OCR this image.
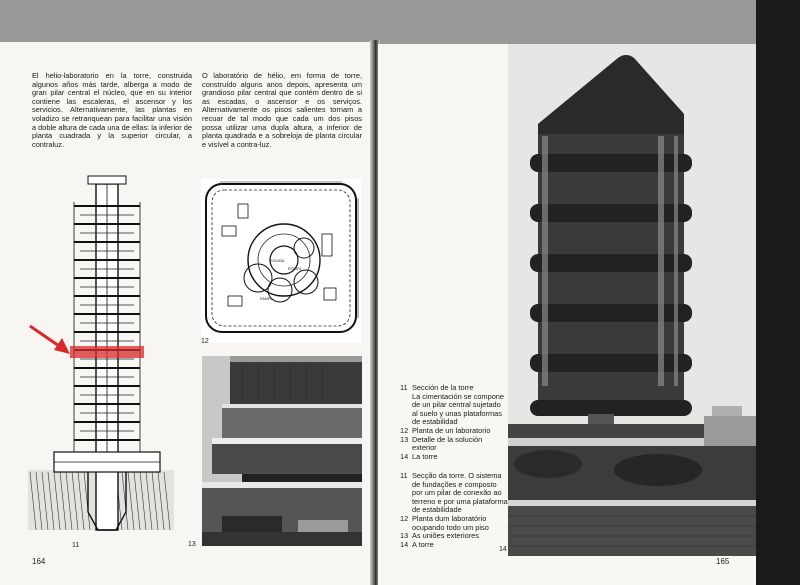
El helio-laboratorio en la torre, construida algunos años más tarde, alberga a modo de gran pilar central el núcleo, que en su interior contiene las escaleras, el ascensor y los servicios. Alternativamente, las plantas en voladizo se retranquean para facilitar una visión a doble altura de cada una de ellas: la inferior de planta cuadrada y la superior circular, a contraluz.
O laboratório de hélio, em forma de torre, construído alguns anos depois, apresenta um grandioso pilar central que contém dentro de si as escadas, o ascensor e os serviços. Alternativamente os pisos salientes tornam a recuar de tal modo que cada um dos pisos possa utilizar uma dupla altura, a inferior de planta quadrada e a sobreloja de planta circular e visível a contra-luz.
11
RAMPA
ESTUFA
ESCADA
12
13
164
14
11 Sección de la torre
La cimentación se compone de un pilar central sujetado al suelo y unas plataformas de estabilidad
12 Planta de un laboratorio
13 Detalle de la solución exterior
14 La torre
11 Secção da torre. O sistema de fundações e composto por um pilar de conexão ao terreno e por uma plataforma de estabilidade
12 Planta dum laboratório ocupando todo um piso
13 As uniões exteriores
14 A torre
165
